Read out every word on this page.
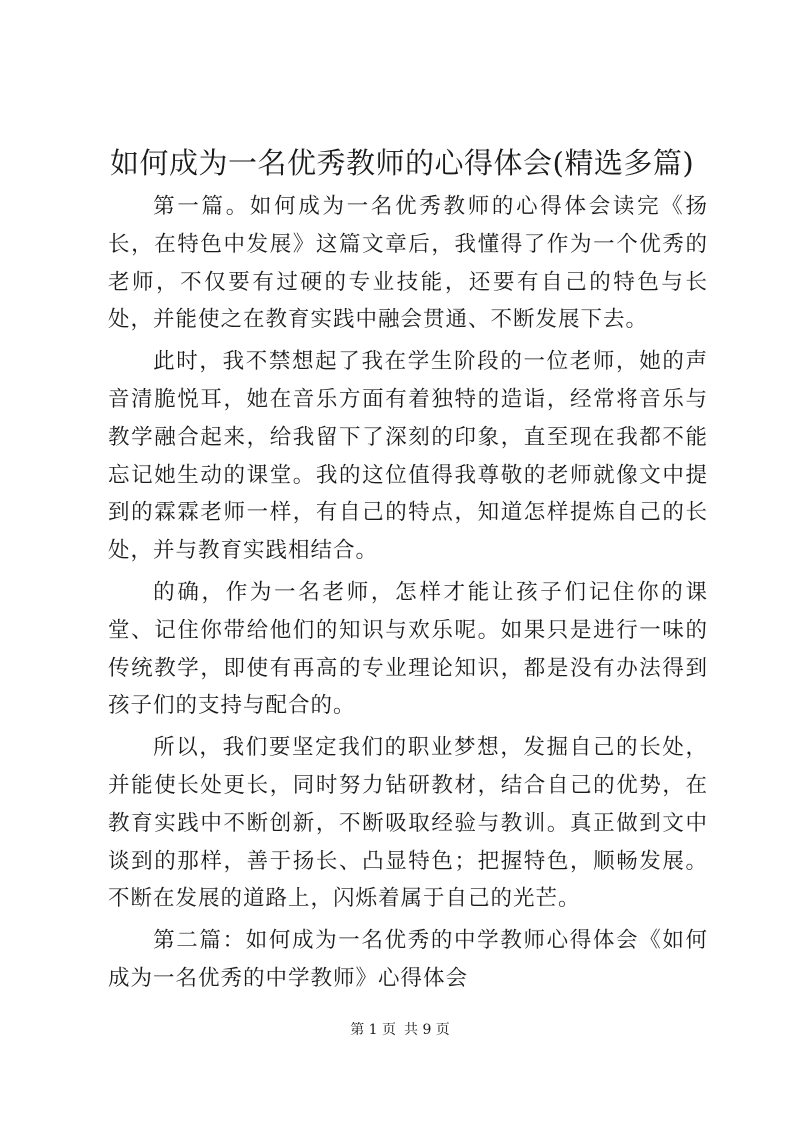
如何成为一名优秀教师的心得体会(精选多篇)

第一篇。如何成为一名优秀教师的心得体会读完《扬长，在特色中发展》这篇文章后，我懂得了作为一个优秀的老师，不仅要有过硬的专业技能，还要有自己的特色与长处，并能使之在教育实践中融会贯通、不断发展下去。

此时，我不禁想起了我在学生阶段的一位老师，她的声音清脆悦耳，她在音乐方面有着独特的造诣，经常将音乐与教学融合起来，给我留下了深刻的印象，直至现在我都不能忘记她生动的课堂。我的这位值得我尊敬的老师就像文中提到的霖霖老师一样，有自己的特点，知道怎样提炼自己的长处，并与教育实践相结合。

的确，作为一名老师，怎样才能让孩子们记住你的课堂、记住你带给他们的知识与欢乐呢。如果只是进行一味的传统教学，即使有再高的专业理论知识，都是没有办法得到孩子们的支持与配合的。

所以，我们要坚定我们的职业梦想，发掘自己的长处，并能使长处更长，同时努力钻研教材，结合自己的优势，在教育实践中不断创新，不断吸取经验与教训。真正做到文中谈到的那样，善于扬长、凸显特色；把握特色，顺畅发展。不断在发展的道路上，闪烁着属于自己的光芒。

第二篇：如何成为一名优秀的中学教师心得体会《如何成为一名优秀的中学教师》心得体会

第 1 页 共 9 页
